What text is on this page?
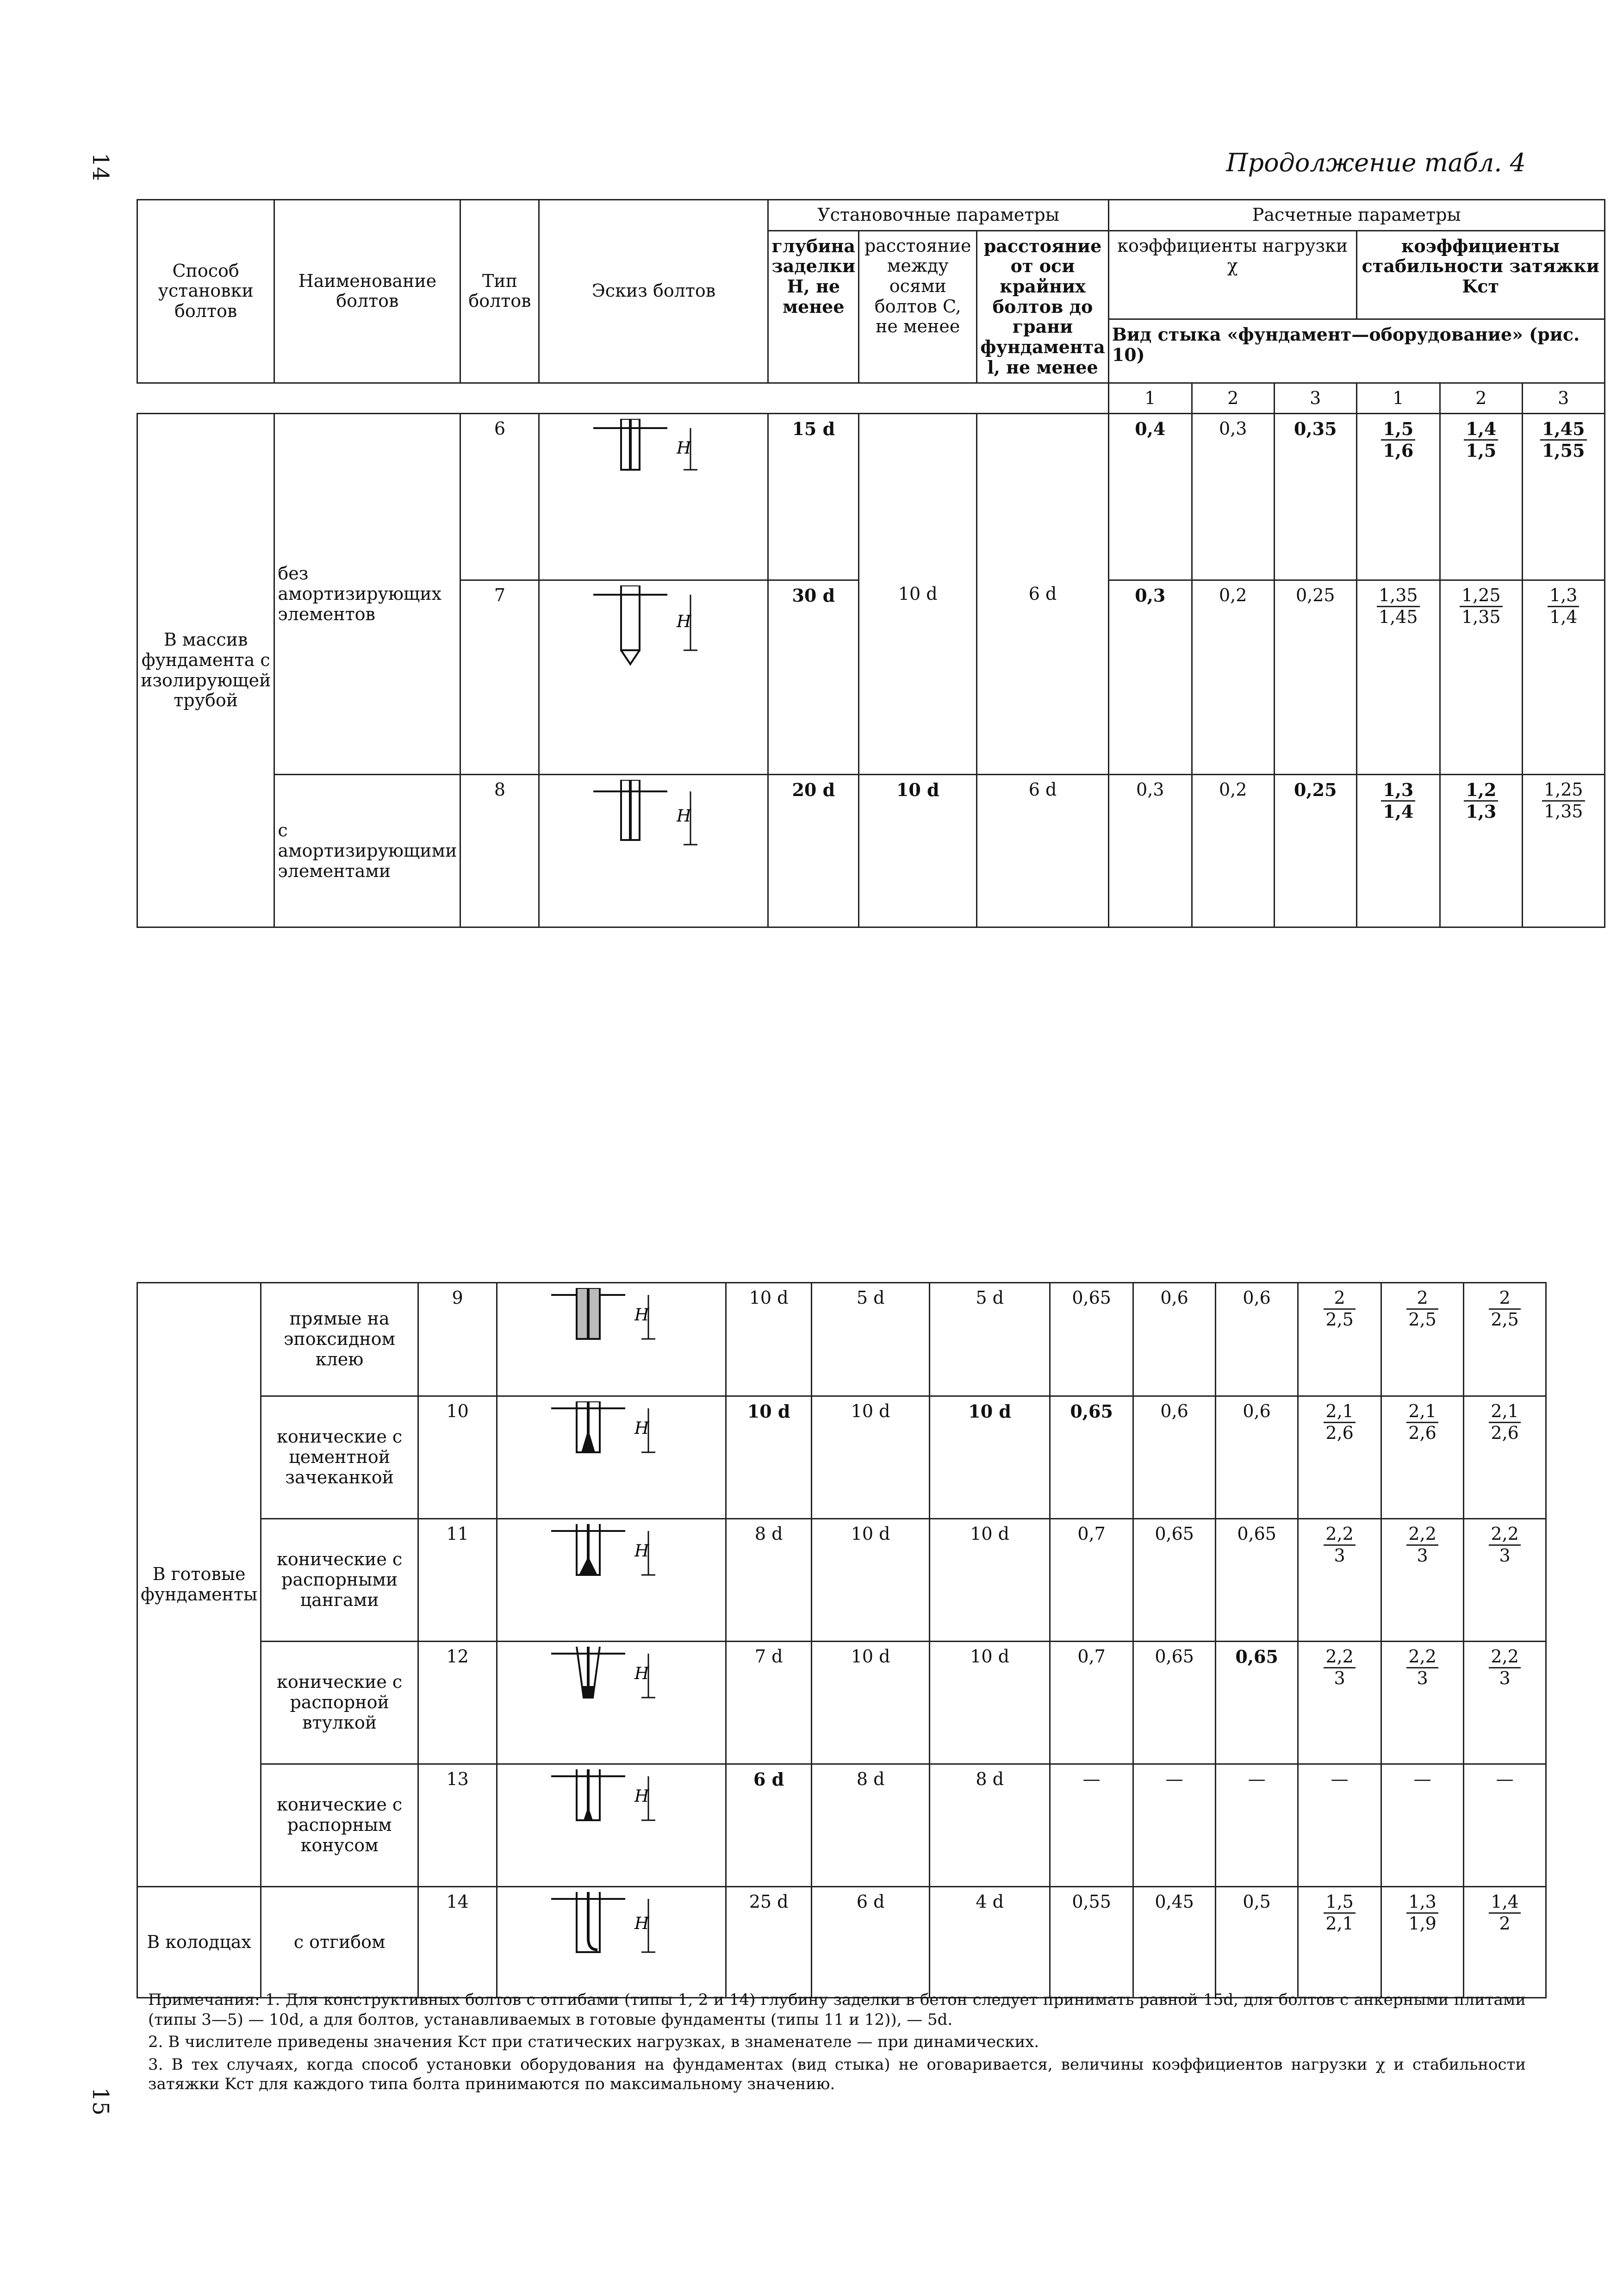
14
15
Продолжение табл. 4
Способ установки болтов	Наименование болтов	Тип болтов	Эскиз болтов	Установочные параметры			Расчетные параметры					
				глубина заделки H, не менее	расстояние между осями болтов C, не менее	расстояние от оси крайних болтов до грани фундамента l, не менее	коэффициенты нагрузки χ			коэффициенты стабильности затяжки Kст		
							Вид стыка «фундамент—оборудование» (рис. 10)					
							1	2	3	1	2	3
В массив фундамента с изолирующей трубой	без амортизирующих элементов	6	H	15 d	10 d	6 d	0,4	0,3	0,35	$\frac{1,5}{1,6}$	$\frac{1,4}{1,5}$	$\frac{1,45}{1,55}$

		7	H	30 d			0,3	0,2	0,25	$\frac{1,35}{1,45}$	$\frac{1,25}{1,35}$	$\frac{1,3}{1,4}$

	с амортизирующими элементами	8	H	20 d	10 d	6 d	0,3	0,2	0,25	$\frac{1,3}{1,4}$	$\frac{1,2}{1,3}$	$\frac{1,25}{1,35}$
В готовые фундаменты	прямые на эпоксидном клею	9	H	10 d	5 d	5 d	0,65	0,6	0,6	$\frac{2}{2,5}$	$\frac{2}{2,5}$	$\frac{2}{2,5}$

	конические с цементной зачеканкой	10	H	10 d	10 d	10 d	0,65	0,6	0,6	$\frac{2,1}{2,6}$	$\frac{2,1}{2,6}$	$\frac{2,1}{2,6}$

	конические с распорными цангами	11	H	8 d	10 d	10 d	0,7	0,65	0,65	$\frac{2,2}{3}$	$\frac{2,2}{3}$	$\frac{2,2}{3}$

	конические с распорной втулкой	12	H	7 d	10 d	10 d	0,7	0,65	0,65	$\frac{2,2}{3}$	$\frac{2,2}{3}$	$\frac{2,2}{3}$

	конические с распорным конусом	13	H	6 d	8 d	8 d	—	—	—	—	—	—
В колодцах	с отгибом	14	H	25 d	6 d	4 d	0,55	0,45	0,5	$\frac{1,5}{2,1}$	$\frac{1,3}{1,9}$	$\frac{1,4}{2}$

Примечания: 1. Для конструктивных болтов с отгибами (типы 1, 2 и 14) глубину заделки в бетон следует принимать равной 15d, для болтов с анкерными плитами (типы 3—5) — 10d, а для болтов, устанавливаемых в готовые фундаменты (типы 11 и 12)), — 5d.

2. В числителе приведены значения Kст при статических нагрузках, в знаменателе — при динамических.

3. В тех случаях, когда способ установки оборудования на фундаментах (вид стыка) не оговаривается, величины коэффициентов нагрузки χ и стабильности затяжки Kст для каждого типа болта принимаются по максимальному значению.
